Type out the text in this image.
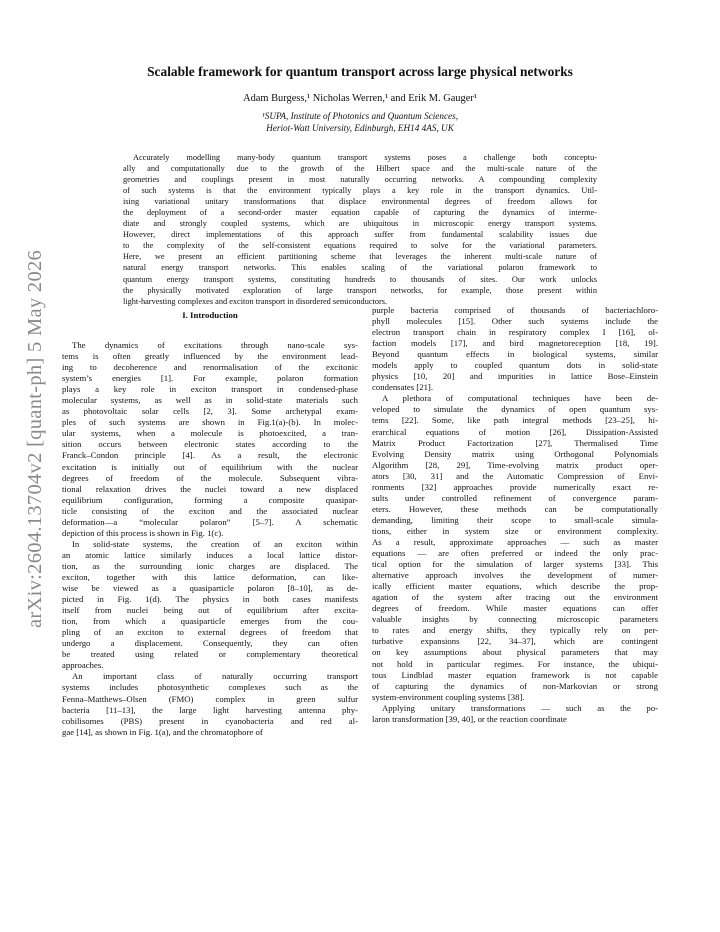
arXiv:2604.13704v2 [quant-ph] 5 May 2026
Scalable framework for quantum transport across large physical networks
Adam Burgess,¹ Nicholas Werren,¹ and Erik M. Gauger¹
¹SUPA, Institute of Photonics and Quantum Sciences,
Heriot-Watt University, Edinburgh, EH14 4AS, UK
Accurately modelling many-body quantum transport systems poses a challenge both conceptu-
ally and computationally due to the growth of the Hilbert space and the multi-scale nature of the
geometries and couplings present in most naturally occurring networks. A compounding complexity
of such systems is that the environment typically plays a key role in the transport dynamics. Util-
ising variational unitary transformations that displace environmental degrees of freedom allows for
the deployment of a second-order master equation capable of capturing the dynamics of interme-
diate and strongly coupled systems, which are ubiquitous in microscopic energy transport systems.
However, direct implementations of this approach suffer from fundamental scalability issues due
to the complexity of the self-consistent equations required to solve for the variational parameters.
Here, we present an efficient partitioning scheme that leverages the inherent multi-scale nature of
natural energy transport networks. This enables scaling of the variational polaron framework to
quantum energy transport systems, constituting hundreds to thousands of sites. Our work unlocks
the physically motivated exploration of large transport networks, for example, those present within
light-harvesting complexes and exciton transport in disordered semiconductors.
I. Introduction
The dynamics of excitations through nano-scale sys-
tems is often greatly influenced by the environment lead-
ing to decoherence and renormalisation of the excitonic
system’s energies [1]. For example, polaron formation
plays a key role in exciton transport in condensed-phase
molecular systems, as well as in solid-state materials such
as photovoltaic solar cells [2, 3]. Some archetypal exam-
ples of such systems are shown in Fig.1(a)-(b). In molec-
ular systems, when a molecule is photoexcited, a tran-
sition occurs between electronic states according to the
Franck–Condon principle [4]. As a result, the electronic
excitation is initially out of equilibrium with the nuclear
degrees of freedom of the molecule. Subsequent vibra-
tional relaxation drives the nuclei toward a new displaced
equilibrium configuration, forming a composite quasipar-
ticle consisting of the exciton and the associated nuclear
deformation—a “molecular polaron” [5–7]. A schematic
depiction of this process is shown in Fig. 1(c).
In solid-state systems, the creation of an exciton within
an atomic lattice similarly induces a local lattice distor-
tion, as the surrounding ionic charges are displaced. The
exciton, together with this lattice deformation, can like-
wise be viewed as a quasiparticle polaron [8–10], as de-
picted in Fig. 1(d). The physics in both cases manifests
itself from nuclei being out of equilibrium after excita-
tion, from which a quasiparticle emerges from the cou-
pling of an exciton to external degrees of freedom that
undergo a displacement. Consequently, they can often
be treated using related or complementary theoretical
approaches.
An important class of naturally occurring transport
systems includes photosynthetic complexes such as the
Fenna–Matthews–Olsen (FMO) complex in green sulfur
bacteria [11–13], the large light harvesting antenna phy-
cobilisomes (PBS) present in cyanobacteria and red al-
gae [14], as shown in Fig. 1(a), and the chromatophore of
purple bacteria comprised of thousands of bacteriachloro-
phyll molecules [15]. Other such systems include the
electron transport chain in respiratory complex I [16], ol-
faction models [17], and bird magnetoreception [18, 19].
Beyond quantum effects in biological systems, similar
models apply to coupled quantum dots in solid-state
physics [10, 20] and impurities in lattice Bose–Einstein
condensates [21].
A plethora of computational techniques have been de-
veloped to simulate the dynamics of open quantum sys-
tems [22]. Some, like path integral methods [23–25], hi-
erarchical equations of motion [26], Dissipation-Assisted
Matrix Product Factorization [27], Thermalised Time
Evolving Density matrix using Orthogonal Polynomials
Algorithm [28, 29], Time-evolving matrix product oper-
ators [30, 31] and the Automatic Compression of Envi-
ronments [32] approaches provide numerically exact re-
sults under controlled refinement of convergence param-
eters. However, these methods can be computationally
demanding, limiting their scope to small-scale simula-
tions, either in system size or environment complexity.
As a result, approximate approaches — such as master
equations — are often preferred or indeed the only prac-
tical option for the simulation of larger systems [33]. This
alternative approach involves the development of numer-
ically efficient master equations, which describe the prop-
agation of the system after tracing out the environment
degrees of freedom. While master equations can offer
valuable insights by connecting microscopic parameters
to rates and energy shifts, they typically rely on per-
turbative expansions [22, 34–37], which are contingent
on key assumptions about physical parameters that may
not hold in particular regimes. For instance, the ubiqui-
tous Lindblad master equation framework is not capable
of capturing the dynamics of non-Markovian or strong
system-environment coupling systems [38].
Applying unitary transformations — such as the po-
laron transformation [39, 40], or the reaction coordinate
